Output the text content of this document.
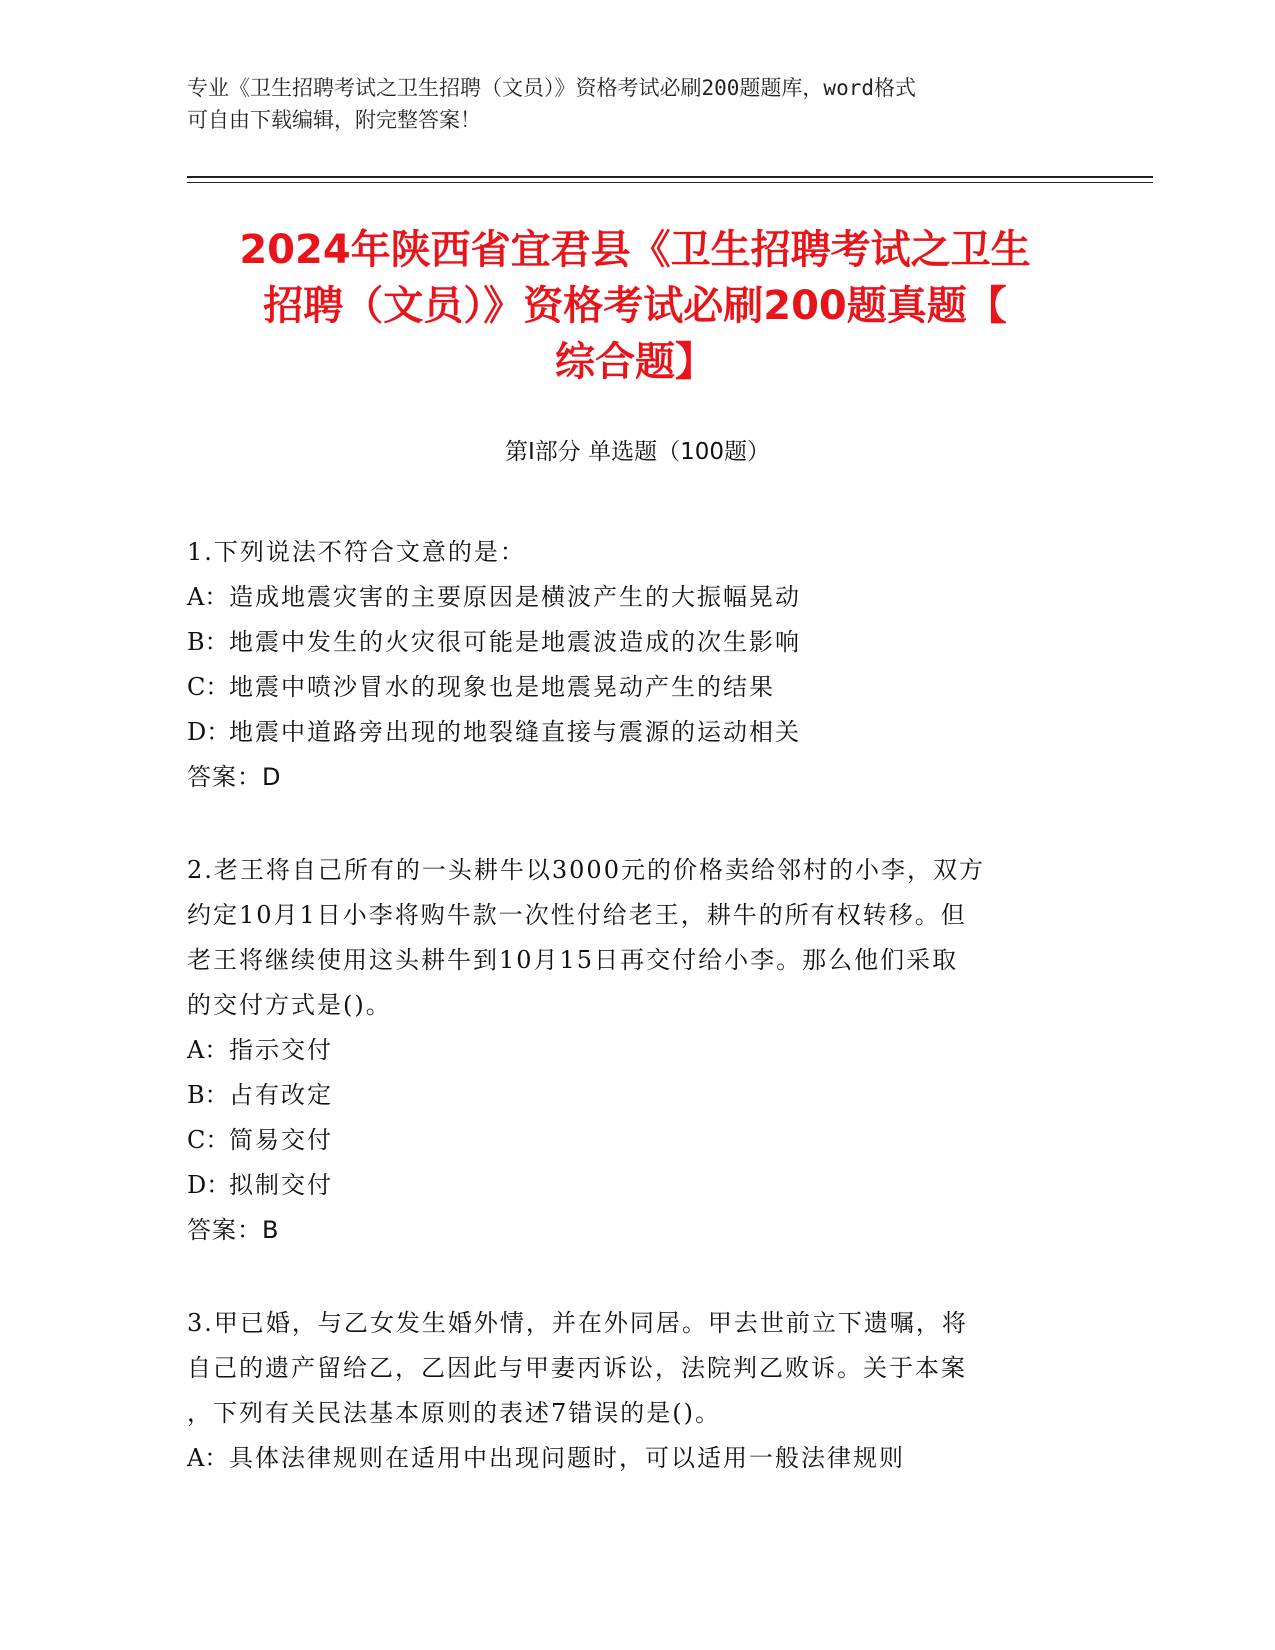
专业《卫生招聘考试之卫生招聘（文员）》资格考试必刷200题题库，word格式
可自由下载编辑，附完整答案！
2024年陕西省宜君县《卫生招聘考试之卫生
招聘（文员）》资格考试必刷200题真题【
综合题】
第Ⅰ部分 单选题（100题）
1.下列说法不符合文意的是：
A：造成地震灾害的主要原因是横波产生的大振幅晃动
B：地震中发生的火灾很可能是地震波造成的次生影响
C：地震中喷沙冒水的现象也是地震晃动产生的结果
D：地震中道路旁出现的地裂缝直接与震源的运动相关
答案：D
2.老王将自己所有的一头耕牛以3000元的价格卖给邻村的小李，双方
约定10月1日小李将购牛款一次性付给老王，耕牛的所有权转移。但
老王将继续使用这头耕牛到10月15日再交付给小李。那么他们采取
的交付方式是()。
A：指示交付
B：占有改定
C：简易交付
D：拟制交付
答案：B
3.甲已婚，与乙女发生婚外情，并在外同居。甲去世前立下遗嘱，将
自己的遗产留给乙，乙因此与甲妻丙诉讼，法院判乙败诉。关于本案
，下列有关民法基本原则的表述7错误的是()。
A：具体法律规则在适用中出现问题时，可以适用一般法律规则
